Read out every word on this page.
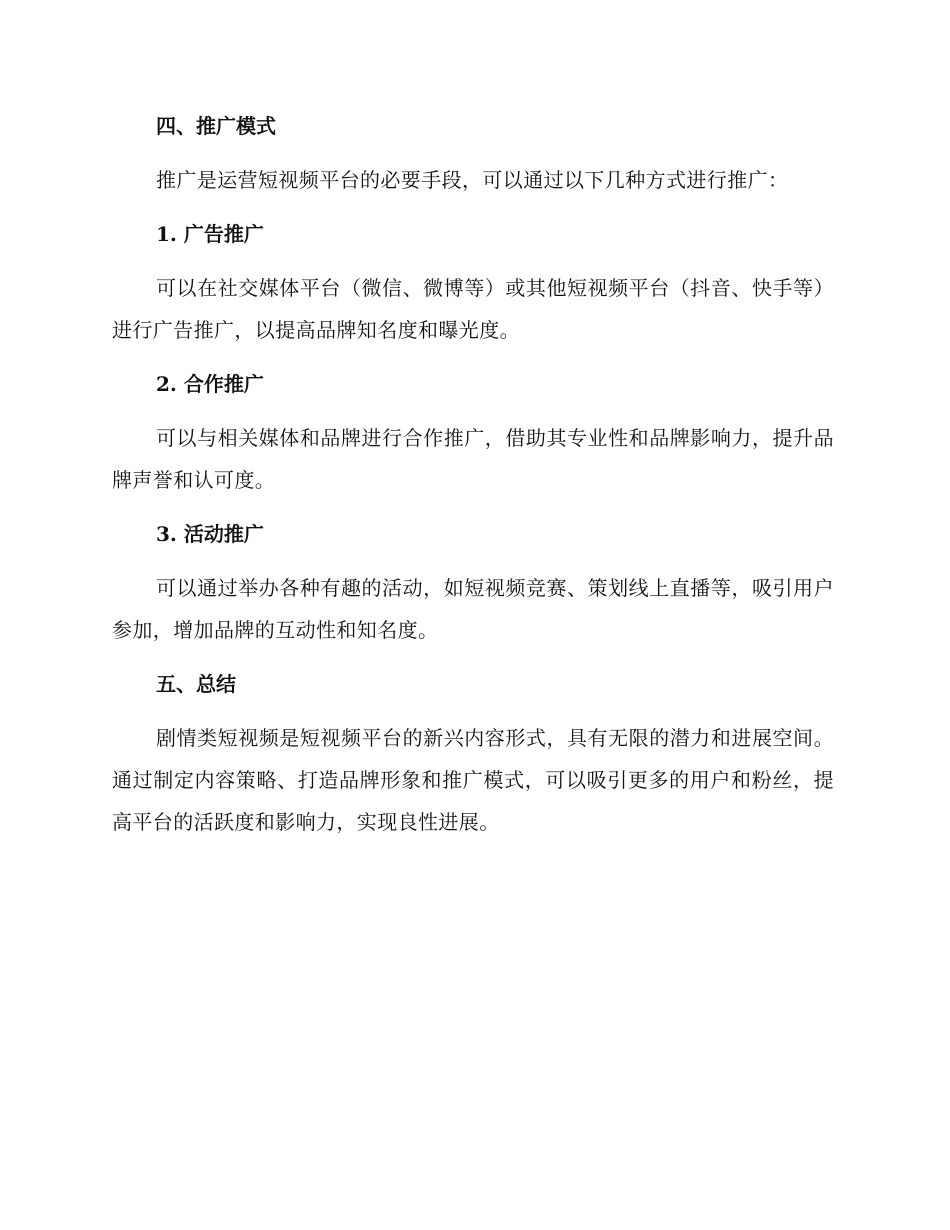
四、推广模式

推广是运营短视频平台的必要手段，可以通过以下几种方式进行推广：

1. 广告推广

可以在社交媒体平台（微信、微博等）或其他短视频平台（抖音、快手等）进行广告推广，以提高品牌知名度和曝光度。

2. 合作推广

可以与相关媒体和品牌进行合作推广，借助其专业性和品牌影响力，提升品牌声誉和认可度。

3. 活动推广

可以通过举办各种有趣的活动，如短视频竞赛、策划线上直播等，吸引用户参加，增加品牌的互动性和知名度。

五、总结

剧情类短视频是短视频平台的新兴内容形式，具有无限的潜力和进展空间。通过制定内容策略、打造品牌形象和推广模式，可以吸引更多的用户和粉丝，提高平台的活跃度和影响力，实现良性进展。
